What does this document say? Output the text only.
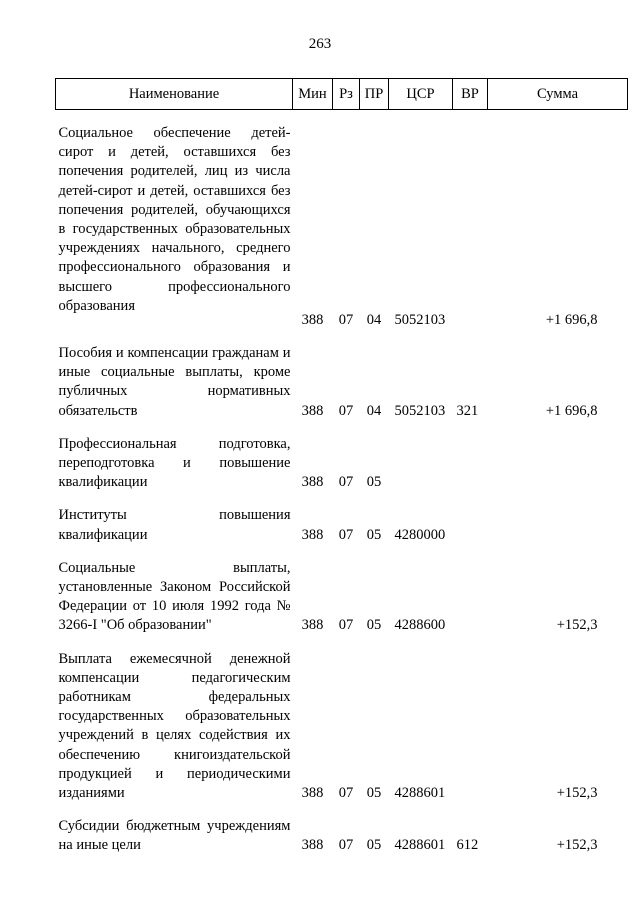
263
Наименование	Мин	Рз	ПР	ЦСР	ВР	Сумма

Социальное обеспечение детей-сирот и детей, оставшихся без попечения родителей, лиц из числа детей-сирот и детей, оставшихся без попечения родителей, обучающихся в государственных образовательных учреждениях начального, среднего профессионального образования и высшего профессионального образования	388	07	04	5052103		+1 696,8

Пособия и компенсации гражданам и иные социальные выплаты, кроме публичных нормативных обязательств	388	07	04	5052103	321	+1 696,8

Профессиональная подготовка, переподготовка и повышение квалификации	388	07	05			

Институты повышения квалификации	388	07	05	4280000		

Социальные выплаты, установленные Законом Российской Федерации от 10 июля 1992 года № 3266-I "Об образовании"	388	07	05	4288600		+152,3

Выплата ежемесячной денежной компенсации педагогическим работникам федеральных государственных образовательных учреждений в целях содействия их обеспечению книгоиздательской продукцией и периодическими изданиями	388	07	05	4288601		+152,3

Субсидии бюджетным учреждениям на иные цели	388	07	05	4288601	612	+152,3
